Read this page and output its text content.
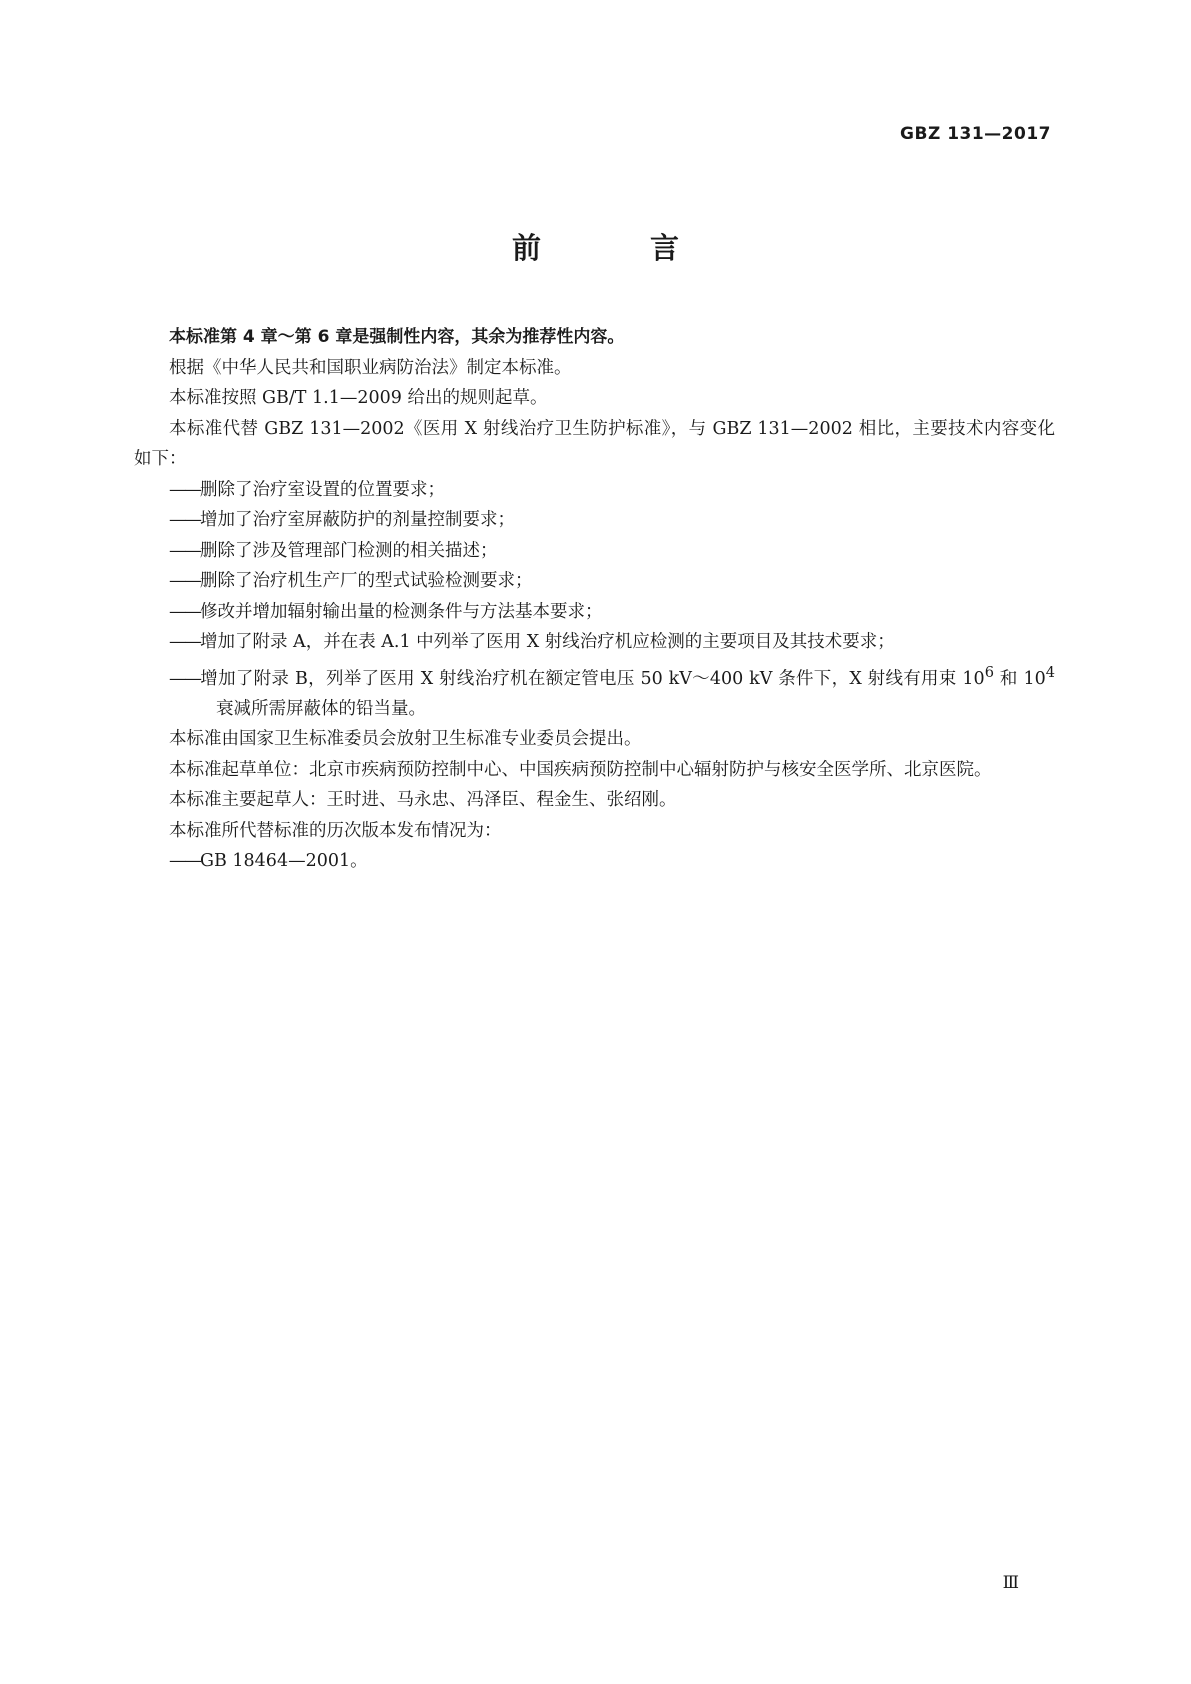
GBZ 131—2017
前　言

本标准第 4 章～第 6 章是强制性内容，其余为推荐性内容。

根据《中华人民共和国职业病防治法》制定本标准。

本标准按照 GB/T 1.1—2009 给出的规则起草。

本标准代替 GBZ 131—2002《医用 X 射线治疗卫生防护标准》，与 GBZ 131—2002 相比，主要技术内容变化如下：

——删除了治疗室设置的位置要求；

——增加了治疗室屏蔽防护的剂量控制要求；

——删除了涉及管理部门检测的相关描述；

——删除了治疗机生产厂的型式试验检测要求；

——修改并增加辐射输出量的检测条件与方法基本要求；

——增加了附录 A，并在表 A.1 中列举了医用 X 射线治疗机应检测的主要项目及其技术要求；

——增加了附录 B，列举了医用 X 射线治疗机在额定管电压 50 kV～400 kV 条件下，X 射线有用束 $10^6$ 和 $10^4$ 衰减所需屏蔽体的铅当量。

本标准由国家卫生标准委员会放射卫生标准专业委员会提出。

本标准起草单位：北京市疾病预防控制中心、中国疾病预防控制中心辐射防护与核安全医学所、北京医院。

本标准主要起草人：王时进、马永忠、冯泽臣、程金生、张绍刚。

本标准所代替标准的历次版本发布情况为：

——GB 18464—2001。

Ⅲ
